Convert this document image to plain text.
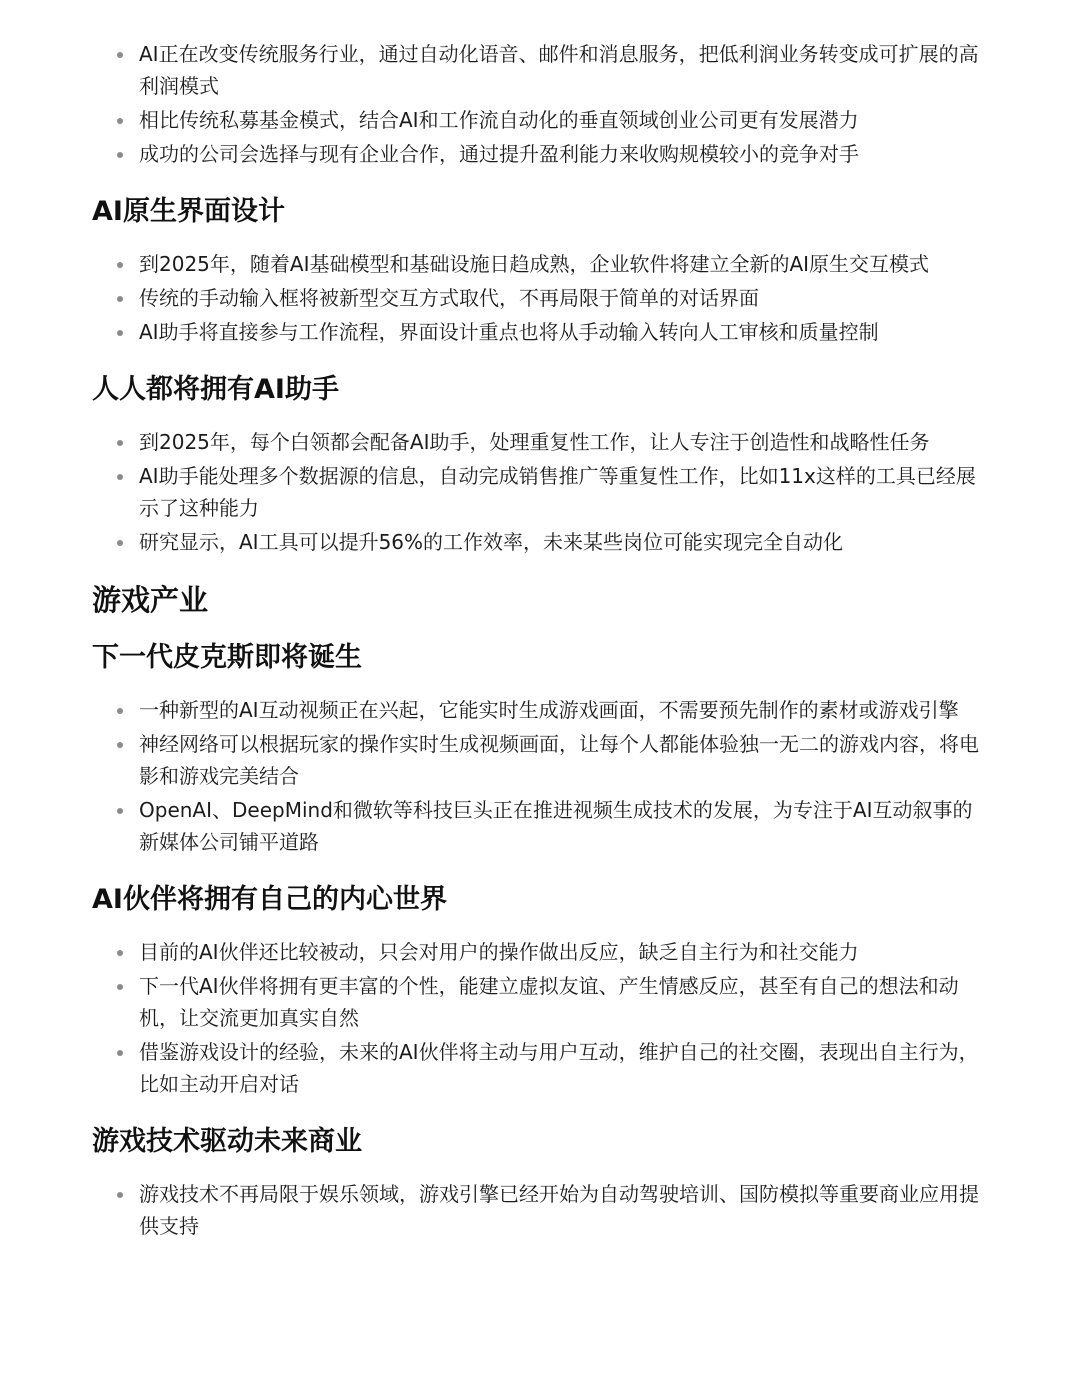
AI正在改变传统服务行业，通过自动化语音、邮件和消息服务，把低利润业务转变成可扩展的高利润模式
相比传统私募基金模式，结合AI和工作流自动化的垂直领域创业公司更有发展潜力
成功的公司会选择与现有企业合作，通过提升盈利能力来收购规模较小的竞争对手
AI原生界面设计
到2025年，随着AI基础模型和基础设施日趋成熟，企业软件将建立全新的AI原生交互模式
传统的手动输入框将被新型交互方式取代，不再局限于简单的对话界面
AI助手将直接参与工作流程，界面设计重点也将从手动输入转向人工审核和质量控制
人人都将拥有AI助手
到2025年，每个白领都会配备AI助手，处理重复性工作，让人专注于创造性和战略性任务
AI助手能处理多个数据源的信息，自动完成销售推广等重复性工作，比如11x这样的工具已经展示了这种能力
研究显示，AI工具可以提升56%的工作效率，未来某些岗位可能实现完全自动化
游戏产业
下一代皮克斯即将诞生
一种新型的AI互动视频正在兴起，它能实时生成游戏画面，不需要预先制作的素材或游戏引擎
神经网络可以根据玩家的操作实时生成视频画面，让每个人都能体验独一无二的游戏内容，将电影和游戏完美结合
OpenAI、DeepMind和微软等科技巨头正在推进视频生成技术的发展，为专注于AI互动叙事的新媒体公司铺平道路
AI伙伴将拥有自己的内心世界
目前的AI伙伴还比较被动，只会对用户的操作做出反应，缺乏自主行为和社交能力
下一代AI伙伴将拥有更丰富的个性，能建立虚拟友谊、产生情感反应，甚至有自己的想法和动机，让交流更加真实自然
借鉴游戏设计的经验，未来的AI伙伴将主动与用户互动，维护自己的社交圈，表现出自主行为，比如主动开启对话
游戏技术驱动未来商业
游戏技术不再局限于娱乐领域，游戏引擎已经开始为自动驾驶培训、国防模拟等重要商业应用提供支持
